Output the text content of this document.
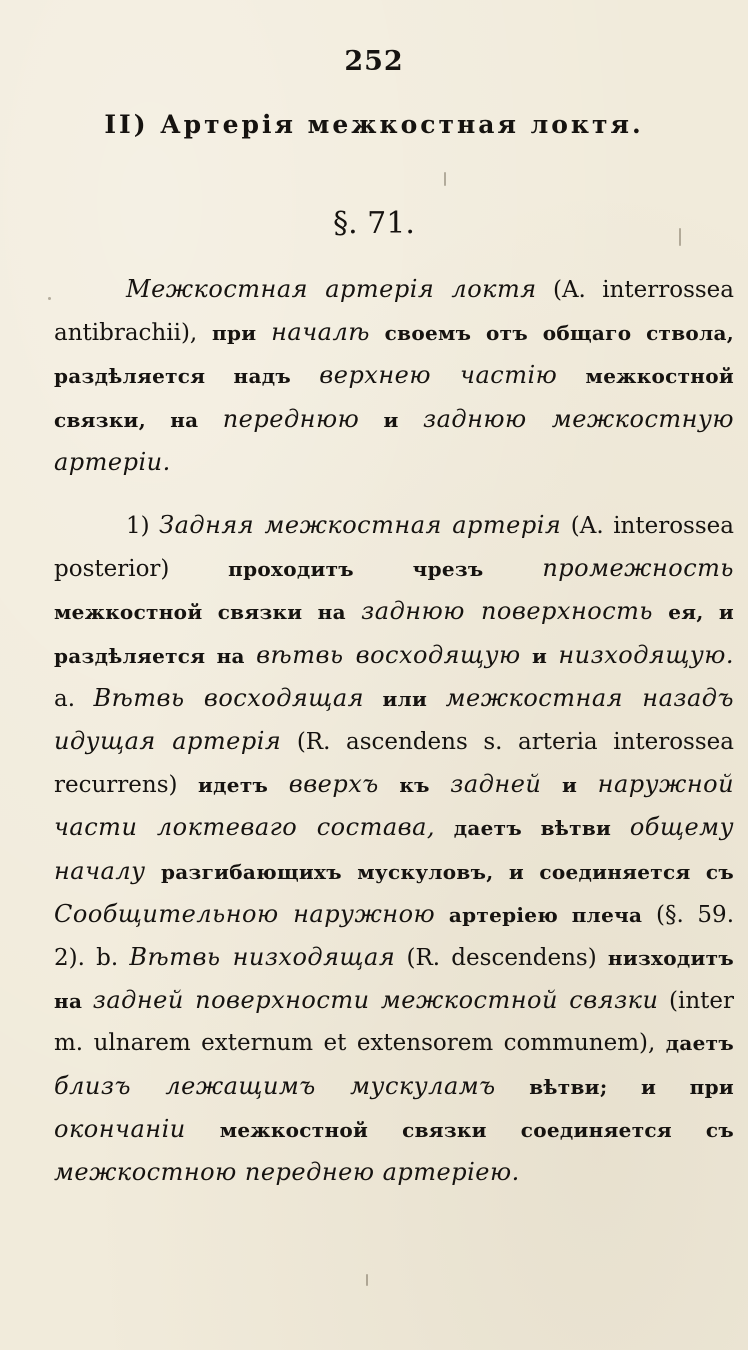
252
II) Артерія межкостная локтя.
§. 71.

Межкостная артерія локтя (A. interrossea antibrachii), при началѣ своемъ отъ общаго ствола, раздѣляется надъ верхнею частію межкостной связки, на переднюю и заднюю межкостную артеріи.

1) Задняя межкостная артерія (A. interossea posterior) проходитъ чрезъ промежность межкостной связки на заднюю поверхность ея, и раздѣляется на вѣтвь восходящую и низходящую. a. Вѣтвь восходящая или межкостная назадъ идущая артерія (R. ascendens s. arteria interossea recurrens) идетъ вверхъ къ задней и наружной части локтеваго состава, даетъ вѣтви общему началу разгибающихъ мускуловъ, и соединяется съ Сообщительною наружною артеріею плеча (§. 59. 2). b. Вѣтвь низходящая (R. descendens) низходитъ на задней поверхности межкостной связки (inter m. ulnarem externum et extensorem communem), даетъ близъ лежащимъ мускуламъ вѣтви; и при окончаніи межкостной связки соединяется съ межкостною переднею артеріею.
